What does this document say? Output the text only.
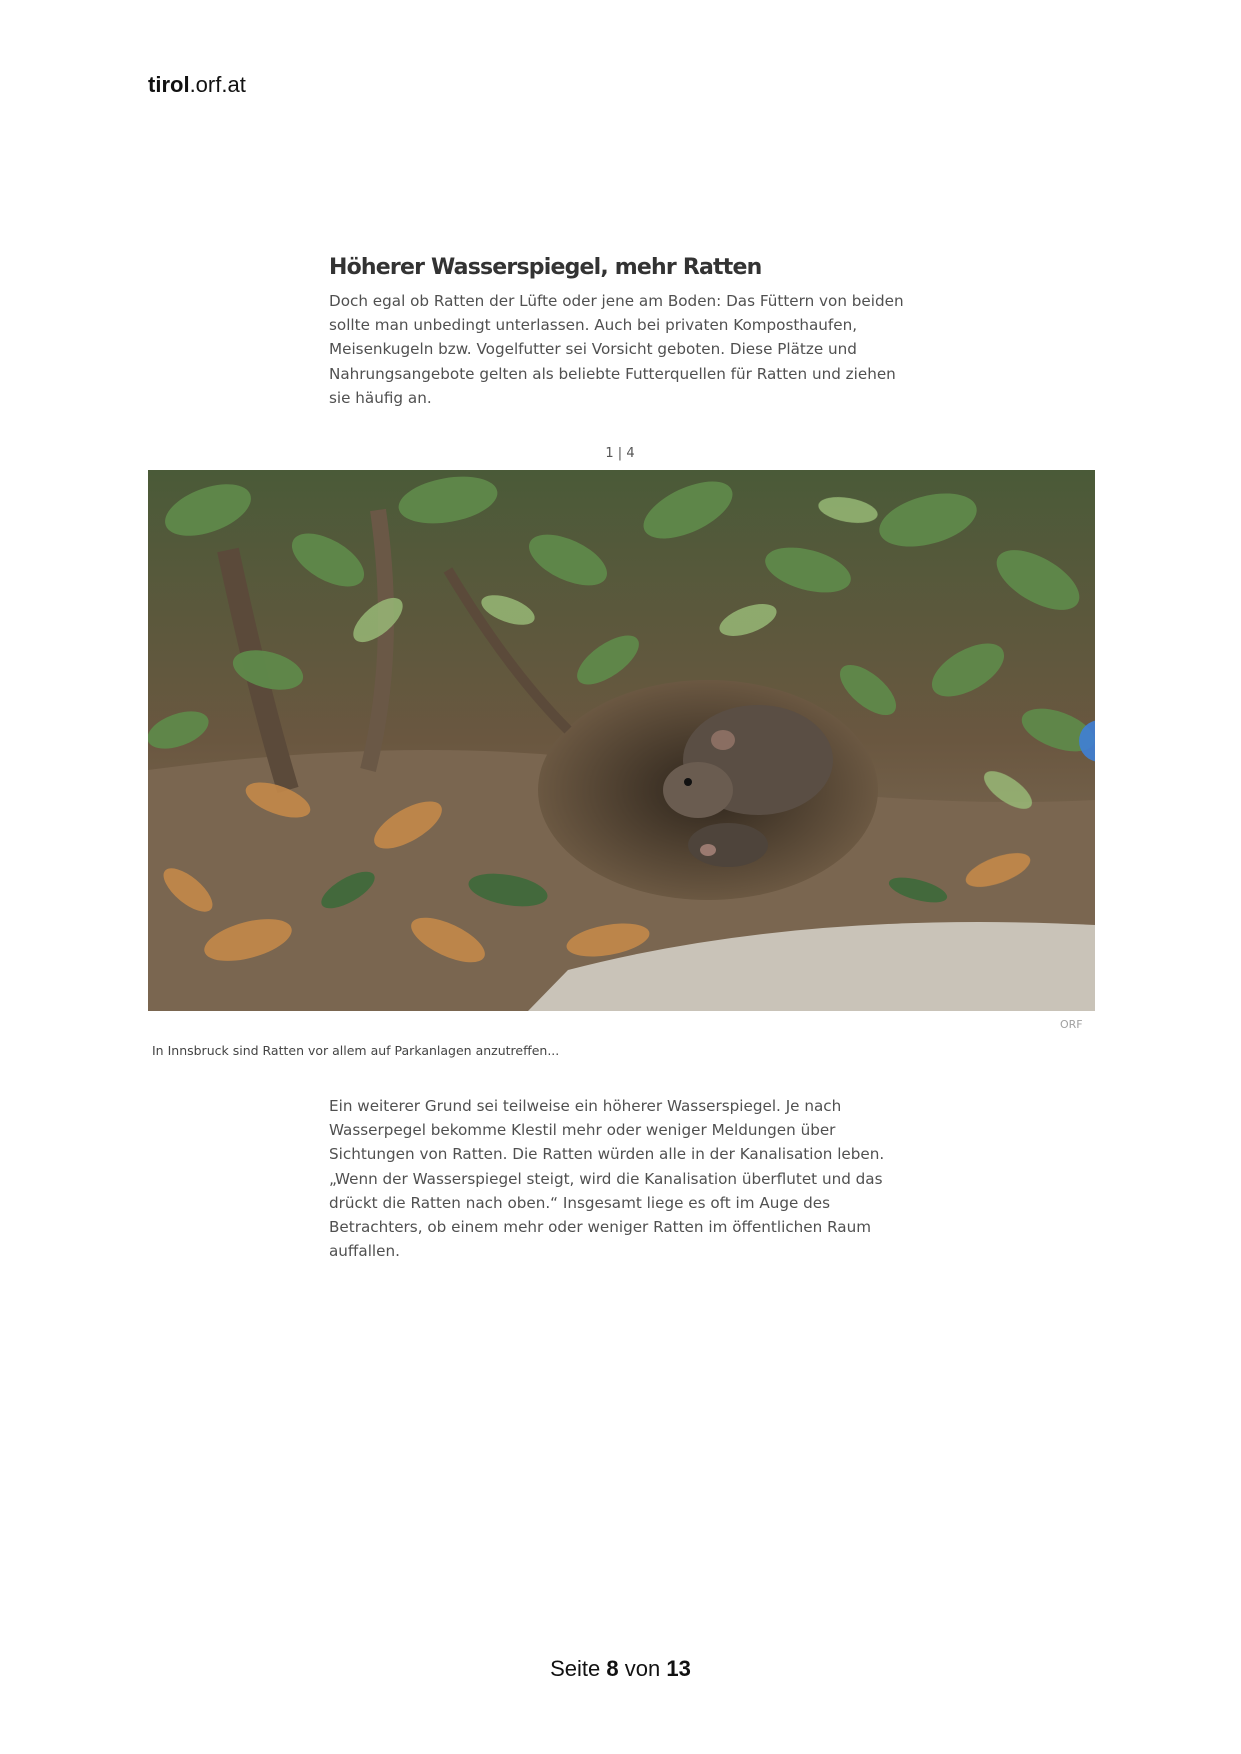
tirol.orf.at
Höherer Wasserspiegel, mehr Ratten

Doch egal ob Ratten der Lüfte oder jene am Boden: Das Füttern von beiden sollte man unbedingt unterlassen. Auch bei privaten Komposthaufen, Meisenkugeln bzw. Vogelfutter sei Vorsicht geboten. Diese Plätze und Nahrungsangebote gelten als beliebte Futterquellen für Ratten und ziehen sie häufig an.

1 | 4
ORF
In Innsbruck sind Ratten vor allem auf Parkanlagen anzutreffen...

Ein weiterer Grund sei teilweise ein höherer Wasserspiegel. Je nach Wasserpegel bekomme Klestil mehr oder weniger Meldungen über Sichtungen von Ratten. Die Ratten würden alle in der Kanalisation leben. „Wenn der Wasserspiegel steigt, wird die Kanalisation überflutet und das drückt die Ratten nach oben.“ Insgesamt liege es oft im Auge des Betrachters, ob einem mehr oder weniger Ratten im öffentlichen Raum auffallen.

Seite 8 von 13
